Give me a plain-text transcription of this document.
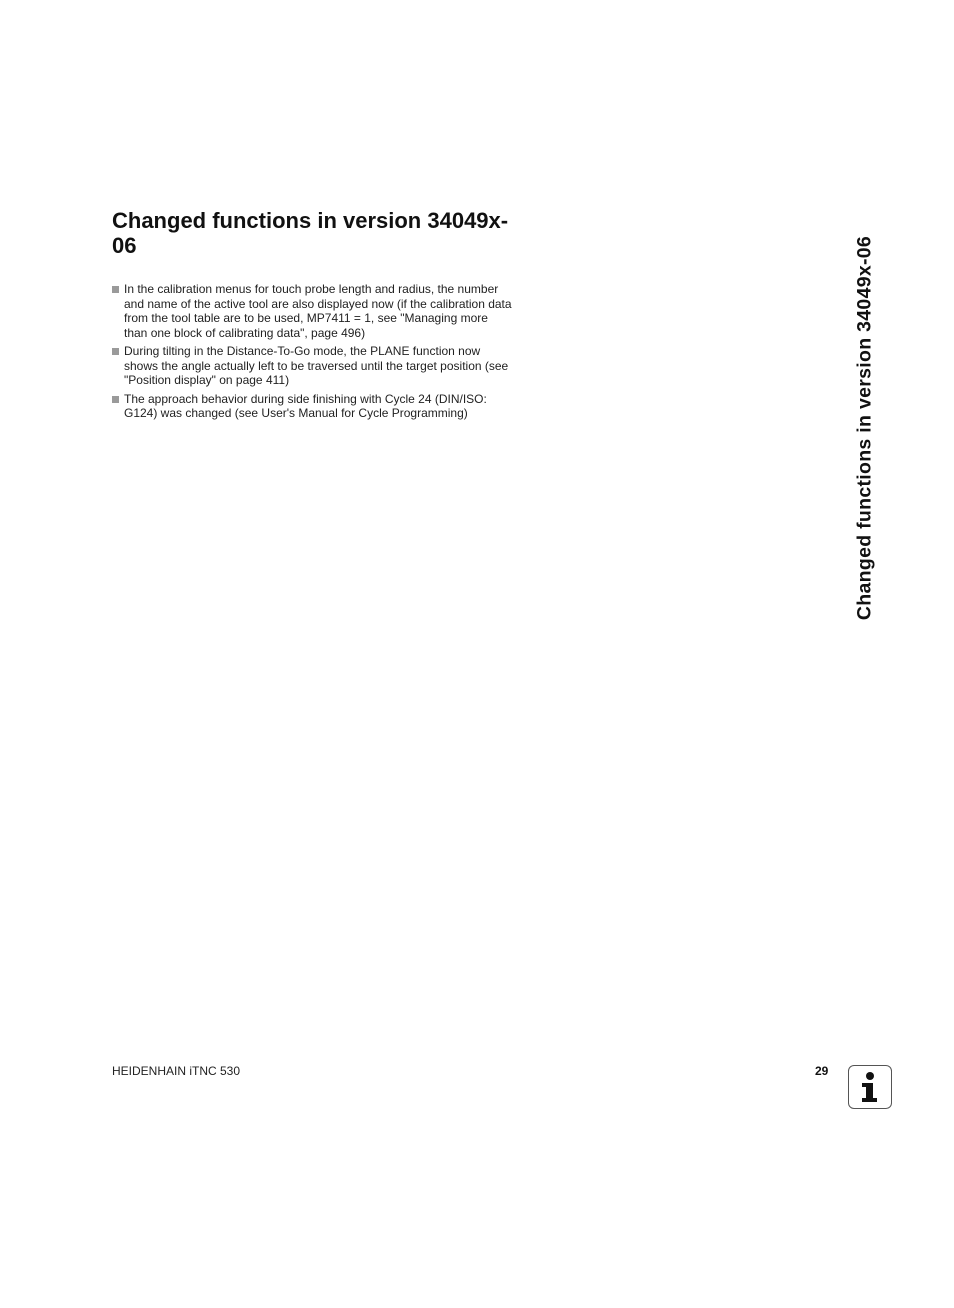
Changed functions in version 34049x-06
In the calibration menus for touch probe length and radius, the number and name of the active tool are also displayed now (if the calibration data from the tool table are to be used, MP7411 = 1, see "Managing more than one block of calibrating data", page 496)
During tilting in the Distance-To-Go mode, the PLANE function now shows the angle actually left to be traversed until the target position (see "Position display" on page 411)
The approach behavior during side finishing with Cycle 24 (DIN/ISO: G124) was changed (see User's Manual for Cycle Programming)	Changed functions in version 34049x-06
HEIDENHAIN iTNC 530	29
